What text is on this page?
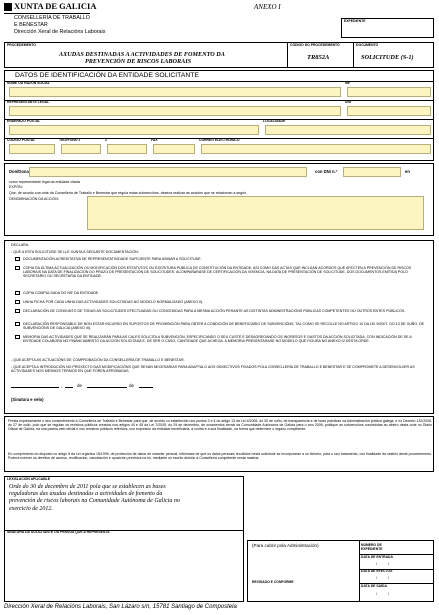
XUNTA DE GALICIA
CONSELLERÍA DE TRABALLO
E BENESTAR
Dirección Xeral de Relacións Laborais
ANEXO I
EXPEDIENTE
PROCEDEMENTO
AXUDAS DESTINADAS A ACTIVIDADES DE FOMENTO DA
PREVENCIÓN DE RISCOS LABORAIS
CÓDIGO DO PROCEDEMENTO
TR852A
DOCUMENTO
SOLICITUDE (S-1)
DATOS DE IDENTIFICACIÓN DA ENTIDADE SOLICITANTE
NOME OU RAZÓN SOCIAL	NIF
REPRESENTANTE LEGAL	DNI
ENDEREZO POSTAL	LOCALIDADE
CÓDIGO POSTAL	TELÉFONO 1	2	FAX	CORREO ELECTRÓNICO
Don/Dona	con DNI n.º	en
como representante legal da entidade citada
EXPÓN:
Que, de acordo coa orde da Consellería de Traballo e Benestar que regula estas subvencións, desexa realizar as accións que se relacionan a seguir,
DENOMINACIÓN DA ACCIÓN:
DECLARA:
- QUE A ESTA SOLICITUDE SE LLE XUNTA A SEGUINTE DOCUMENTACIÓN:
DOCUMENTACIÓN ACREDITATIVA DE REPRESENTATIVIDADE SUFICIENTE PARA ASINAR A SOLICITUDE.
COPIA DA ÚLTIMA ACTUALIZACIÓN OU MODIFICACIÓN DOS ESTATUTOS OU ESCRITURA PÚBLICA DE CONSTITUCIÓN DA ENTIDADE, ASÍ COMO DAS ACTAS QUE INCLÚAN ACORDOS QUE AFECTEN A PREVENCIÓN DE RISCOS LABORAIS NA DATA DE FINALIZACIÓN DO PRAZO DE PRESENTACIÓN DE SOLICITUDES. ACOMPAÑARASE DE CERTIFICACIÓN DA VIXENCIA, NA DATA DE PRESENTACIÓN DE SOLICITUDE, DOS DOCUMENTOS EMITIDA POLO SECRETARIO OU SECRETARIA DA ENTIDADE.
COPIA COMPULSADA DO NIF DA ENTIDADE.
UNHA FICHA POR CADA UNHA DAS ACTIVIDADES SOLICITADAS NO MODELO NORMALIZADO (ANEXO II).
DECLARACIÓN DE CONXUNTO DE TODAS AS SOLICITUDES EFECTUADAS OU CONCEDIDAS PARA A MESMA ACCIÓN PERANTE AS DISTINTAS ADMINISTRACIÓNS PÚBLICAS COMPETENTES OU OUTROS ENTES PÚBLICOS.
DECLARACIÓN RESPONSABLE DE NON ESTAR INCURSO EN SUPOSTOS DE PROHIBICIÓN PARA OBTER A CONDICIÓN DE BENEFICIARIO DE SUBVENCIÓNS, TAL COMO SE RECOLLE NO ARTIGO 10 DA LEI 9/2007, DO 13 DE XUÑO, DE SUBVENCIÓNS DE GALICIA (ANEXO III).
MEMORIA DAS ACTIVIDADES QUE SE REALIZARÁN PARA AS CALES SOLICITA A SUBVENCIÓN, ESPECIFICANDO O SEU CUSTE E DESAGREGANDO OS INGRESOS E GASTOS DA ACCIÓN SOLICITADA, CON INDICACIÓN DE SE A ENTIDADE COLABORA NO FINANCIAMENTO DA ACCIÓN SOLICITADA E, DE SER O CASO, CANTIDADE QUE ACHEGA. A MEMORIA PRESENTARASE NO MODELO QUE FIGURA NO ANEXO IV DESTA ORDE.
- QUE ACEPTA AS ACTUACIÓNS DE COMPROBACIÓN DA CONSELLERÍA DE TRABALLO E BENESTAR.
- QUE ACEPTA A INTRODUCIÓN NO PROXECTO DAS MODIFICACIÓNS QUE SEXAN NECESARIAS PARA ADAPTALO AOS OBXECTIVOS FIXADOS POLA CONSELLERÍA DE TRABALLO E BENESTAR E SE COMPROMETE A DESENVOLVER AS ACTIVIDADES NOS MESMOS TERMOS EN QUE FOREN APROBADAS.
,	de	de
(Sinatura e selo)
Presta expresamente o seu consentimento á Consellería de Traballo e Benestar para que, de acordo co establecido nos puntos 3 e 4 do artigo 13 da Lei 4/2006, do 30 de xuño, de transparencia e de boas prácticas na Administración pública galega, e no Decreto 132/2006, do 27 de xullo, polo que se regulan os rexistros públicos creados nos artigos 44 e 45 da Lei 7/2005, do 29 de decembro, de orzamentos xerais da Comunidade Autónoma de Galicia para o ano 2006, publique as subvencións concedidas ao abeiro desta orde no Diario Oficial de Galicia, na súa páxina web oficial e nos rexistros públicos referidos, con expresión da entidade beneficiaria, a contía e a súa finalidade, na forma que determine o órgano competente.
En cumprimento do disposto no artigo 5 da Lei orgánica 15/1999, de protección de datos de carácter persoal, infórmase de que os datos persoais recollidos nesta solicitude se incorporarán a un ficheiro, para o seu tratamento, con finalidade da xestión deste procedemento. Poderá exercer os dereitos de acceso, rectificación, cancelación e oposición previstos na lei, mediante un escrito dirixido á Consellería competente nesta materia.
LEXISLACIÓN APLICABLE
Orde do 30 de decembro de 2011 pola que se establecen as bases reguladoras das axudas destinadas a actividades de fomento da prevención de riscos laborais na Comunidade Autónoma de Galicia no exercicio de 2012.
SINATURA DA SOLICITANTE OU PERSOA QUE A REPRESENTA
(Para cubrir pola Administración)
REVISADO E CONFORME
NÚMERO DE EXPEDIENTE
DATA DE ENTRADA
/	/
DATA DE EFECTOS
/	/
DATA DE SAÍDA
/	/
Dirección Xeral de Relacións Laborais, San Lázaro s/n, 15781 Santiago de Compostela
